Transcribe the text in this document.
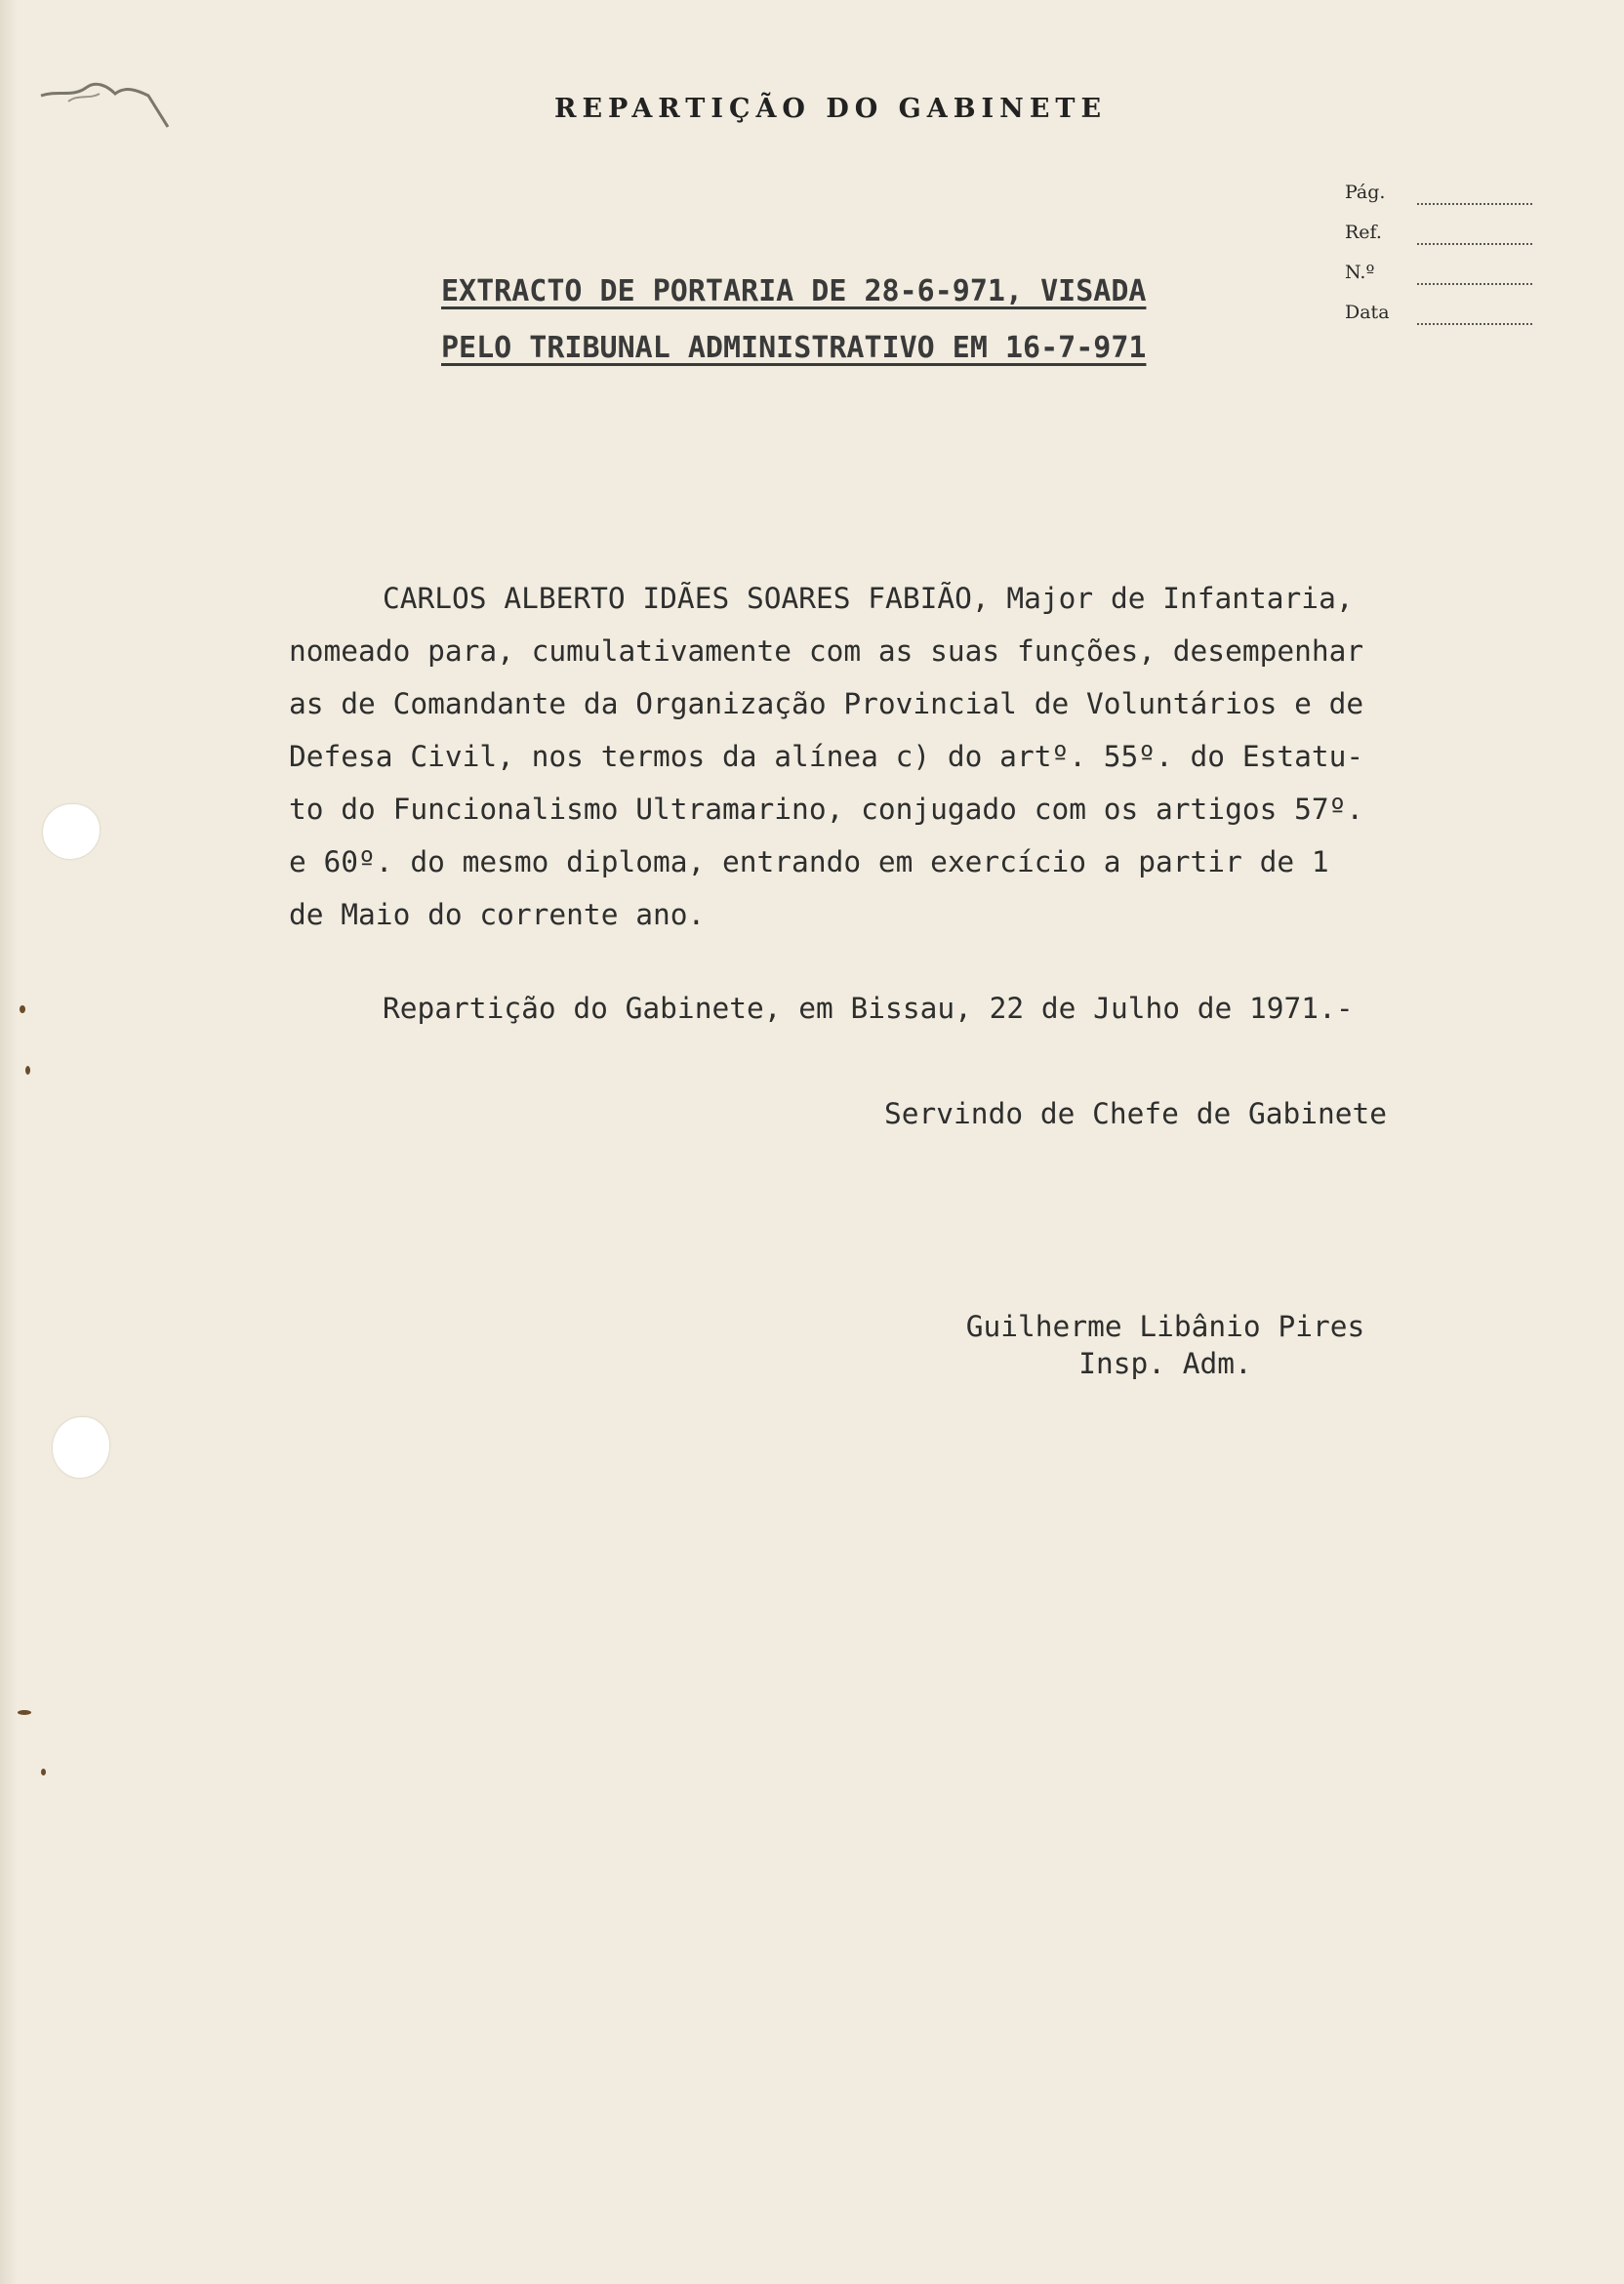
REPARTIÇÃO DO GABINETE
Pág.
Ref.
N.º
Data
EXTRACTO DE PORTARIA DE 28-6-971, VISADA
PELO TRIBUNAL ADMINISTRATIVO EM 16-7-971
CARLOS ALBERTO IDÃES SOARES FABIÃO, Major de Infantaria,
nomeado para, cumulativamente com as suas funções, desempenhar
as de Comandante da Organização Provincial de Voluntários e de
Defesa Civil, nos termos da alínea c) do artº. 55º. do Estatu-
to do Funcionalismo Ultramarino, conjugado com os artigos 57º.
e 60º. do mesmo diploma, entrando em exercício a partir de 1
de Maio do corrente ano.
Repartição do Gabinete, em Bissau, 22 de Julho de 1971.-
Servindo de Chefe de Gabinete
Guilherme Libânio Pires
Insp. Adm.
